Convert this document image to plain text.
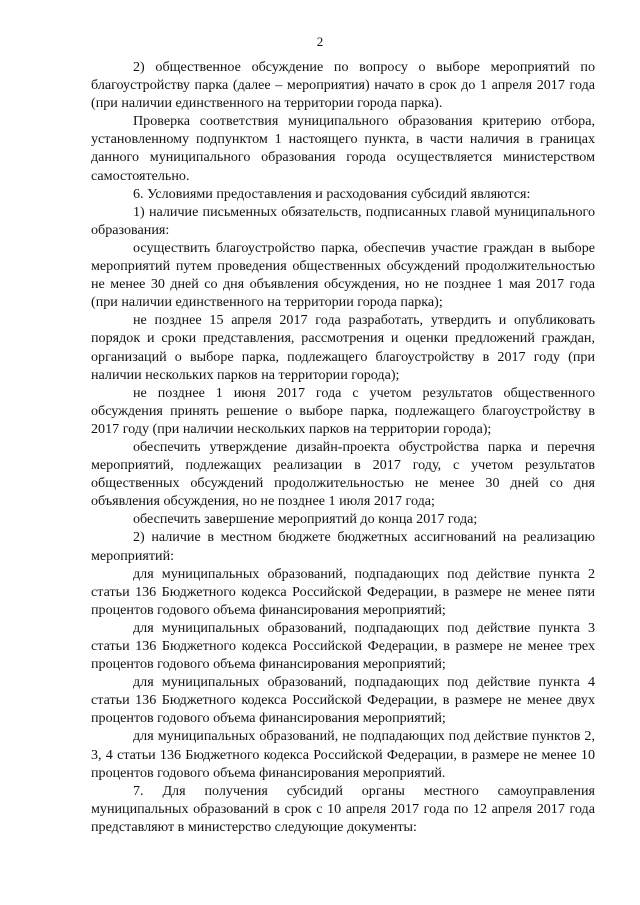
2

2) общественное обсуждение по вопросу о выборе мероприятий по благоустройству парка (далее – мероприятия) начато в срок до 1 апреля 2017 года (при наличии единственного на территории города парка).

Проверка соответствия муниципального образования критерию отбора, установленному подпунктом 1 настоящего пункта, в части наличия в границах данного муниципального образования города осуществляется министерством самостоятельно.

6. Условиями предоставления и расходования субсидий являются:

1) наличие письменных обязательств, подписанных главой муниципального образования:

осуществить благоустройство парка, обеспечив участие граждан в выборе мероприятий путем проведения общественных обсуждений продолжительностью не менее 30 дней со дня объявления обсуждения, но не позднее 1 мая 2017 года (при наличии единственного на территории города парка);

не позднее 15 апреля 2017 года разработать, утвердить и опубликовать порядок и сроки представления, рассмотрения и оценки предложений граждан, организаций о выборе парка, подлежащего благоустройству в 2017 году (при наличии нескольких парков на территории города);

не позднее 1 июня 2017 года с учетом результатов общественного обсуждения принять решение о выборе парка, подлежащего благоустройству в 2017 году (при наличии нескольких парков на территории города);

обеспечить утверждение дизайн-проекта обустройства парка и перечня мероприятий, подлежащих реализации в 2017 году, с учетом результатов общественных обсуждений продолжительностью не менее 30 дней со дня объявления обсуждения, но не позднее 1 июля 2017 года;

обеспечить завершение мероприятий до конца 2017 года;

2) наличие в местном бюджете бюджетных ассигнований на реализацию мероприятий:

для муниципальных образований, подпадающих под действие пункта 2 статьи 136 Бюджетного кодекса Российской Федерации, в размере не менее пяти процентов годового объема финансирования мероприятий;

для муниципальных образований, подпадающих под действие пункта 3 статьи 136 Бюджетного кодекса Российской Федерации, в размере не менее трех процентов годового объема финансирования мероприятий;

для муниципальных образований, подпадающих под действие пункта 4 статьи 136 Бюджетного кодекса Российской Федерации, в размере не менее двух процентов годового объема финансирования мероприятий;

для муниципальных образований, не подпадающих под действие пунктов 2, 3, 4 статьи 136 Бюджетного кодекса Российской Федерации, в размере не менее 10 процентов годового объема финансирования мероприятий.

7. Для получения субсидий органы местного самоуправления муниципальных образований в срок с 10 апреля 2017 года по 12 апреля 2017 года представляют в министерство следующие документы:
